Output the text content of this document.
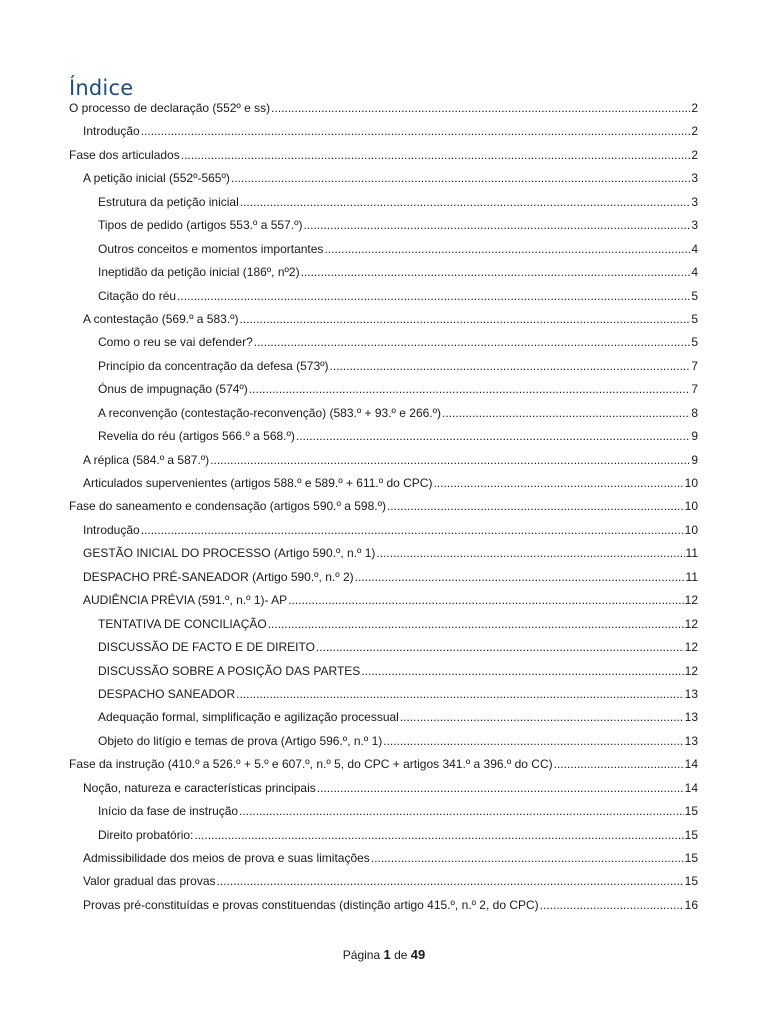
Índice
O processo de declaração (552º e ss) .....	2
Introdução .....	2
Fase dos articulados .....	2
A petição inicial (552º-565º) .....	3
Estrutura da petição inicial .....	3
Tipos de pedido (artigos 553.º a 557.º) .....	3
Outros conceitos e momentos importantes .....	4
Ineptidão da petição inicial (186º, nº2) .....	4
Citação do réu .....	5
A contestação (569.º a 583.º) .....	5
Como o reu se vai defender? .....	5
Princípio da concentração da defesa (573º) .....	7
Ónus de impugnação (574º) .....	7
A reconvenção (contestação-reconvenção) (583.º + 93.º e 266.º) .....	8
Revelia do réu (artigos 566.º a 568.º) .....	9
A réplica (584.º a 587.º) .....	9
Articulados supervenientes (artigos 588.º e 589.º + 611.º do CPC) .....	10
Fase do saneamento e condensação (artigos 590.º a 598.º) .....	10
Introdução .....	10
GESTÃO INICIAL DO PROCESSO (Artigo 590.º, n.º 1) .....	11
DESPACHO PRÉ-SANEADOR (Artigo 590.º, n.º 2) .....	11
AUDIÊNCIA PRÉVIA (591.º, n.º 1)- AP .....	12
TENTATIVA DE CONCILIAÇÃO .....	12
DISCUSSÃO DE FACTO E DE DIREITO .....	12
DISCUSSÃO SOBRE A POSIÇÃO DAS PARTES .....	12
DESPACHO SANEADOR .....	13
Adequação formal, simplificação e agilização processual .....	13
Objeto do litígio e temas de prova (Artigo 596.º, n.º 1) .....	13
Fase da instrução (410.º a 526.º + 5.º e 607.º, n.º 5, do CPC + artigos 341.º a 396.º do CC) .....	14
Noção, natureza e características principais .....	14
Início da fase de instrução .....	15
Direito probatório: .....	15
Admissibilidade dos meios de prova e suas limitações .....	15
Valor gradual das provas .....	15
Provas pré-constituídas e provas constituendas (distinção artigo 415.º, n.º 2, do CPC) .....	16
Página 1 de 49
